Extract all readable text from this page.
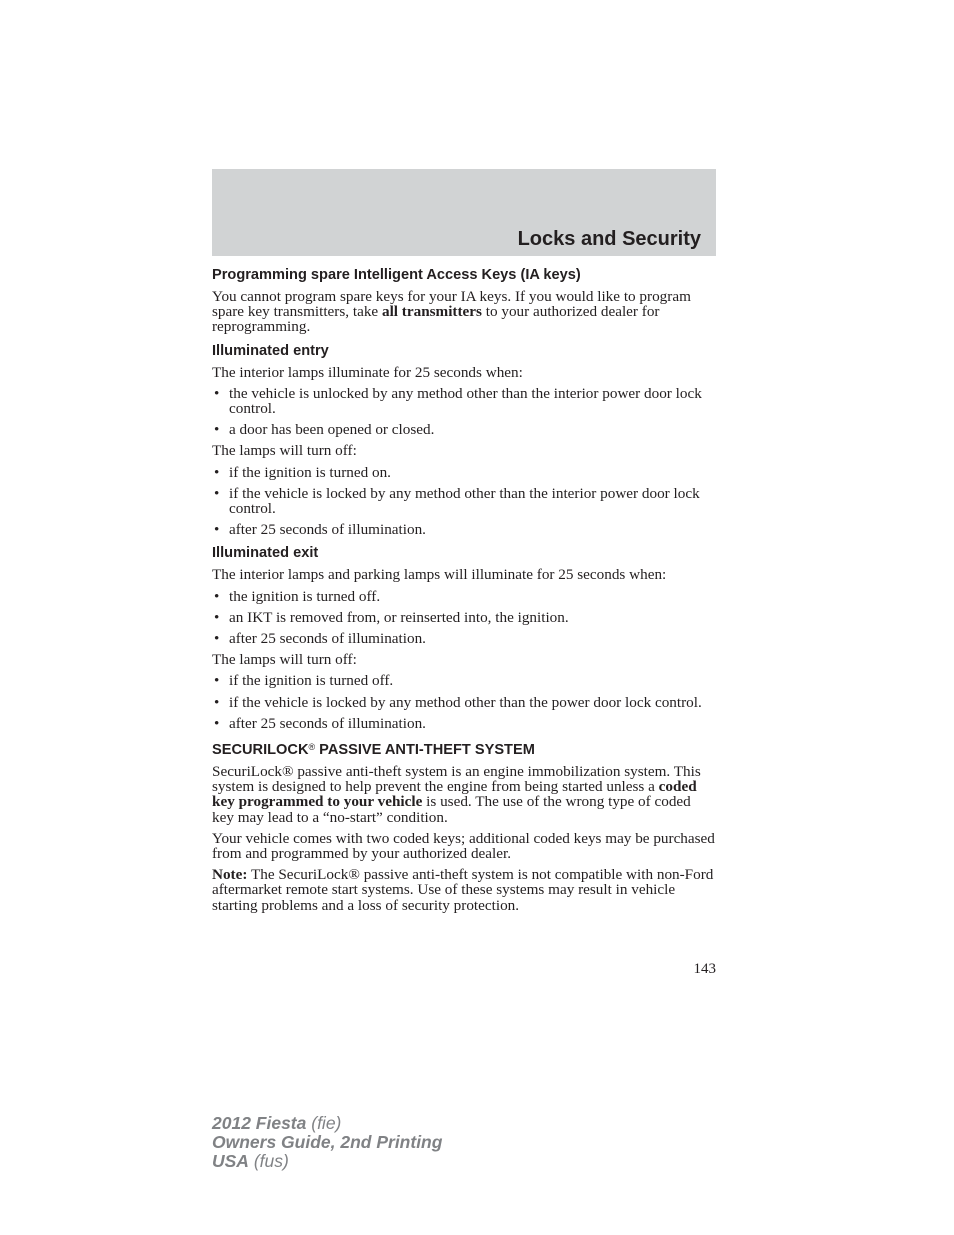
Locks and Security
Programming spare Intelligent Access Keys (IA keys)

You cannot program spare keys for your IA keys. If you would like to program spare key transmitters, take all transmitters to your authorized dealer for reprogramming.

Illuminated entry

The interior lamps illuminate for 25 seconds when:

• the vehicle is unlocked by any method other than the interior power door lock control.
• a door has been opened or closed.

The lamps will turn off:

• if the ignition is turned on.
• if the vehicle is locked by any method other than the interior power door lock control.
• after 25 seconds of illumination.
Illuminated exit

The interior lamps and parking lamps will illuminate for 25 seconds when:

• the ignition is turned off.
• an IKT is removed from, or reinserted into, the ignition.
• after 25 seconds of illumination.

The lamps will turn off:

• if the ignition is turned off.
• if the vehicle is locked by any method other than the power door lock control.
• after 25 seconds of illumination.
SECURILOCK® PASSIVE ANTI-THEFT SYSTEM

SecuriLock® passive anti-theft system is an engine immobilization system. This system is designed to help prevent the engine from being started unless a coded key programmed to your vehicle is used. The use of the wrong type of coded key may lead to a “no-start” condition.

Your vehicle comes with two coded keys; additional coded keys may be purchased from and programmed by your authorized dealer.

Note: The SecuriLock® passive anti-theft system is not compatible with non-Ford aftermarket remote start systems. Use of these systems may result in vehicle starting problems and a loss of security protection.

143
2012 Fiesta (fie)
Owners Guide, 2nd Printing
USA (fus)
